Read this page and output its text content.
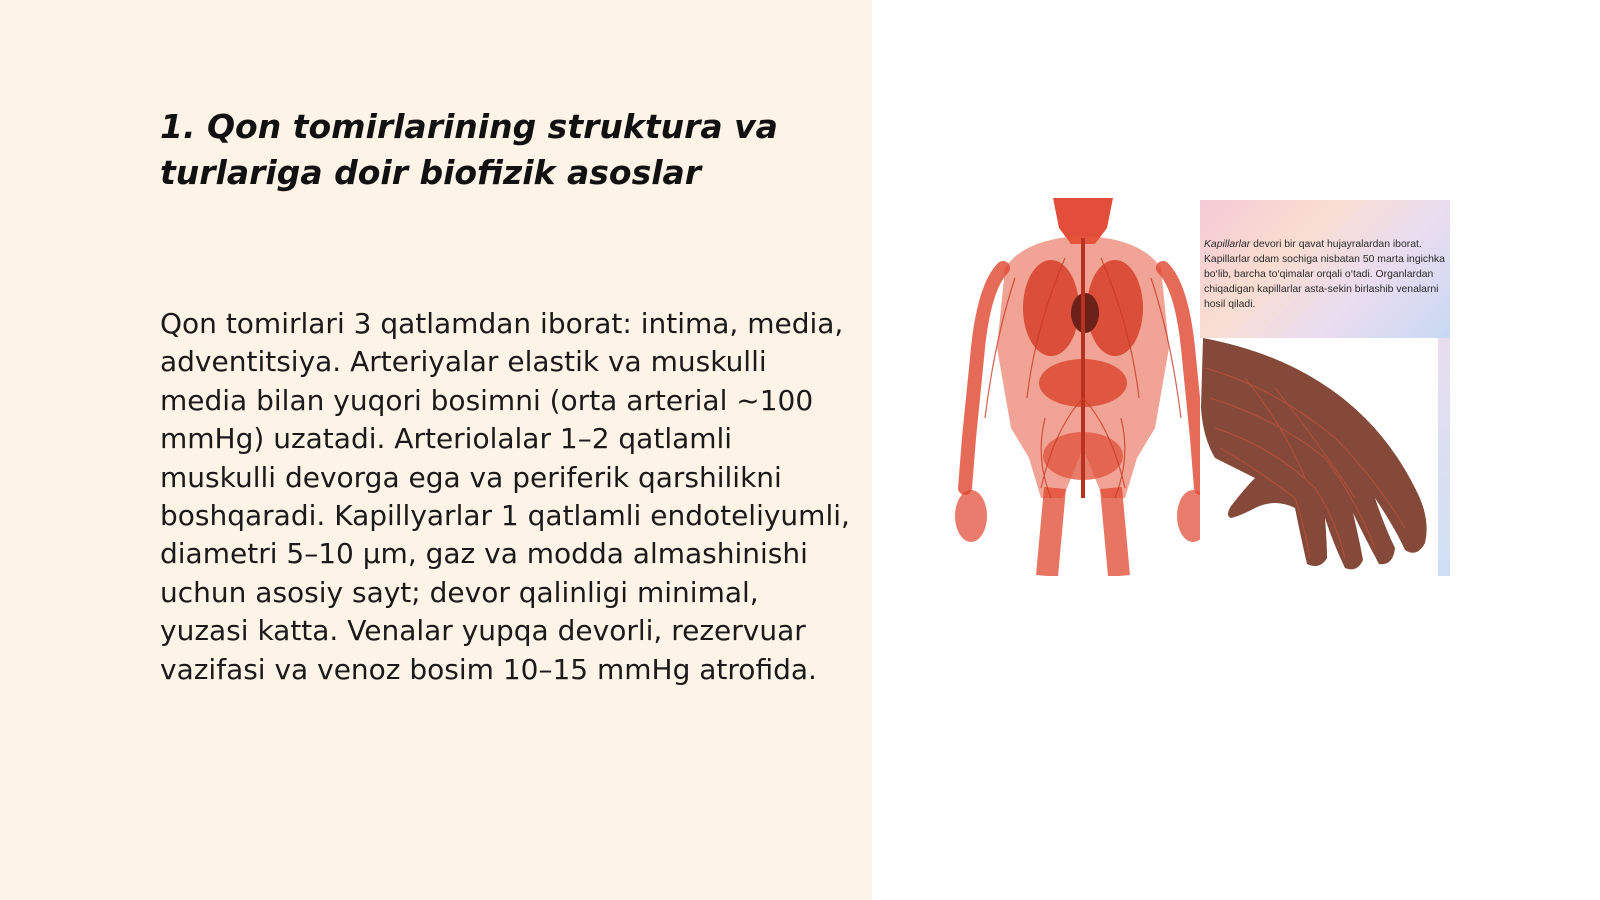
1. Qon tomirlarining struktura va turlariga doir biofizik asoslar

Qon tomirlari 3 qatlamdan iborat: intima, media, adventitsiya. Arteriyalar elastik va muskulli media bilan yuqori bosimni (orta arterial ~100 mmHg) uzatadi. Arteriolalar 1–2 qatlamli muskulli devorga ega va periferik qarshilikni boshqaradi. Kapillyarlar 1 qatlamli endoteliyumli, diametri 5–10 µm, gaz va modda almashinishi uchun asosiy sayt; devor qalinligi minimal, yuzasi katta. Venalar yupqa devorli, rezervuar vazifasi va venoz bosim 10–15 mmHg atrofida.

Kapillarlar devori bir qavat hujayralardan iborat. Kapillarlar odam sochiga nisbatan 50 marta ingichka bo‘lib, barcha to‘qimalar orqali o‘tadi. Organlardan chiqadigan kapillarlar asta-sekin birlashib venalarni hosil qiladi.
